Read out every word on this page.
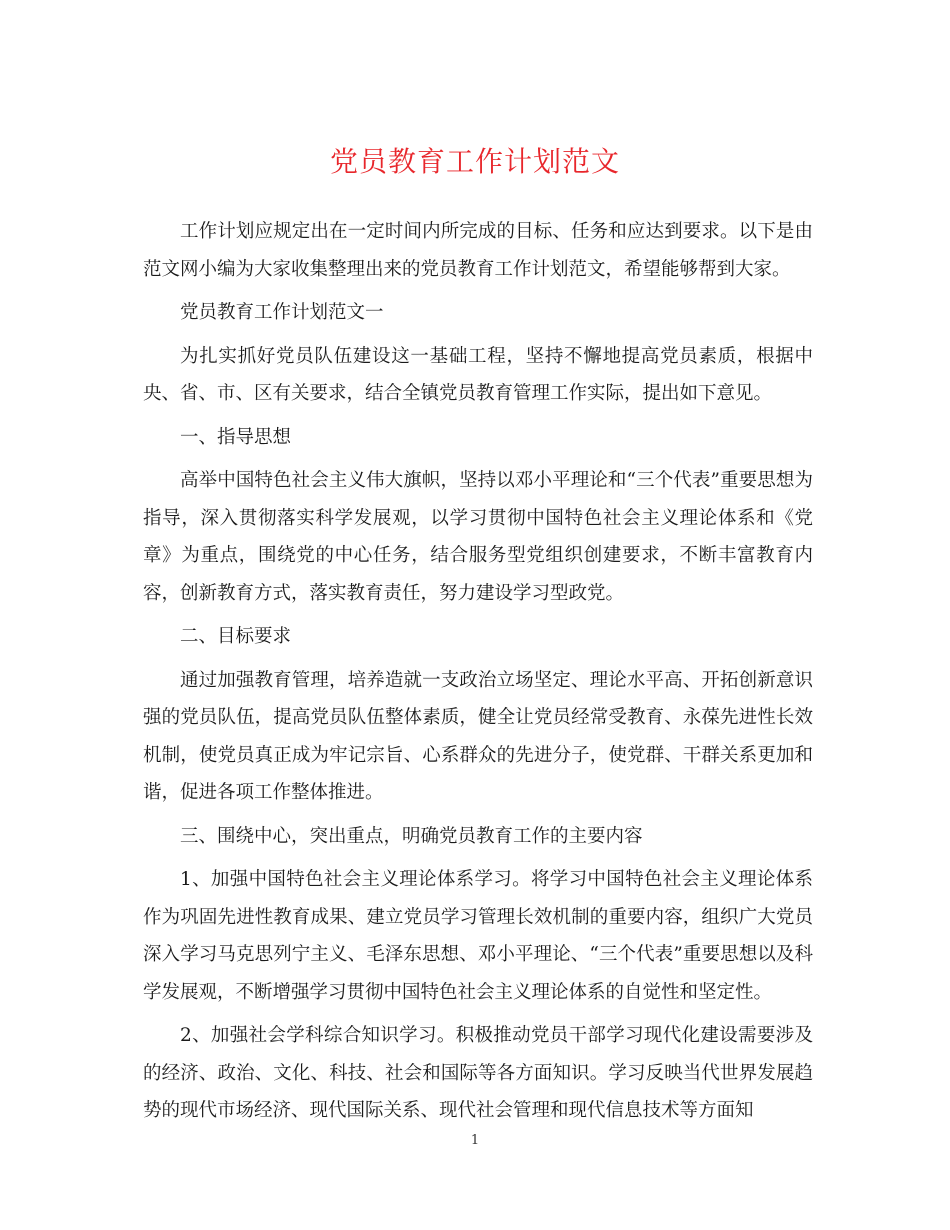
党员教育工作计划范文

工作计划应规定出在一定时间内所完成的目标、任务和应达到要求。以下是由范文网小编为大家收集整理出来的党员教育工作计划范文，希望能够帮到大家。

党员教育工作计划范文一

为扎实抓好党员队伍建设这一基础工程，坚持不懈地提高党员素质，根据中央、省、市、区有关要求，结合全镇党员教育管理工作实际，提出如下意见。

一、指导思想

高举中国特色社会主义伟大旗帜，坚持以邓小平理论和“三个代表”重要思想为指导，深入贯彻落实科学发展观，以学习贯彻中国特色社会主义理论体系和《党章》为重点，围绕党的中心任务，结合服务型党组织创建要求，不断丰富教育内容，创新教育方式，落实教育责任，努力建设学习型政党。

二、目标要求

通过加强教育管理，培养造就一支政治立场坚定、理论水平高、开拓创新意识强的党员队伍，提高党员队伍整体素质，健全让党员经常受教育、永葆先进性长效机制，使党员真正成为牢记宗旨、心系群众的先进分子，使党群、干群关系更加和谐，促进各项工作整体推进。

三、围绕中心，突出重点，明确党员教育工作的主要内容

1、加强中国特色社会主义理论体系学习。将学习中国特色社会主义理论体系作为巩固先进性教育成果、建立党员学习管理长效机制的重要内容，组织广大党员深入学习马克思列宁主义、毛泽东思想、邓小平理论、“三个代表”重要思想以及科学发展观，不断增强学习贯彻中国特色社会主义理论体系的自觉性和坚定性。

2、加强社会学科综合知识学习。积极推动党员干部学习现代化建设需要涉及的经济、政治、文化、科技、社会和国际等各方面知识。学习反映当代世界发展趋势的现代市场经济、现代国际关系、现代社会管理和现代信息技术等方面知

1
